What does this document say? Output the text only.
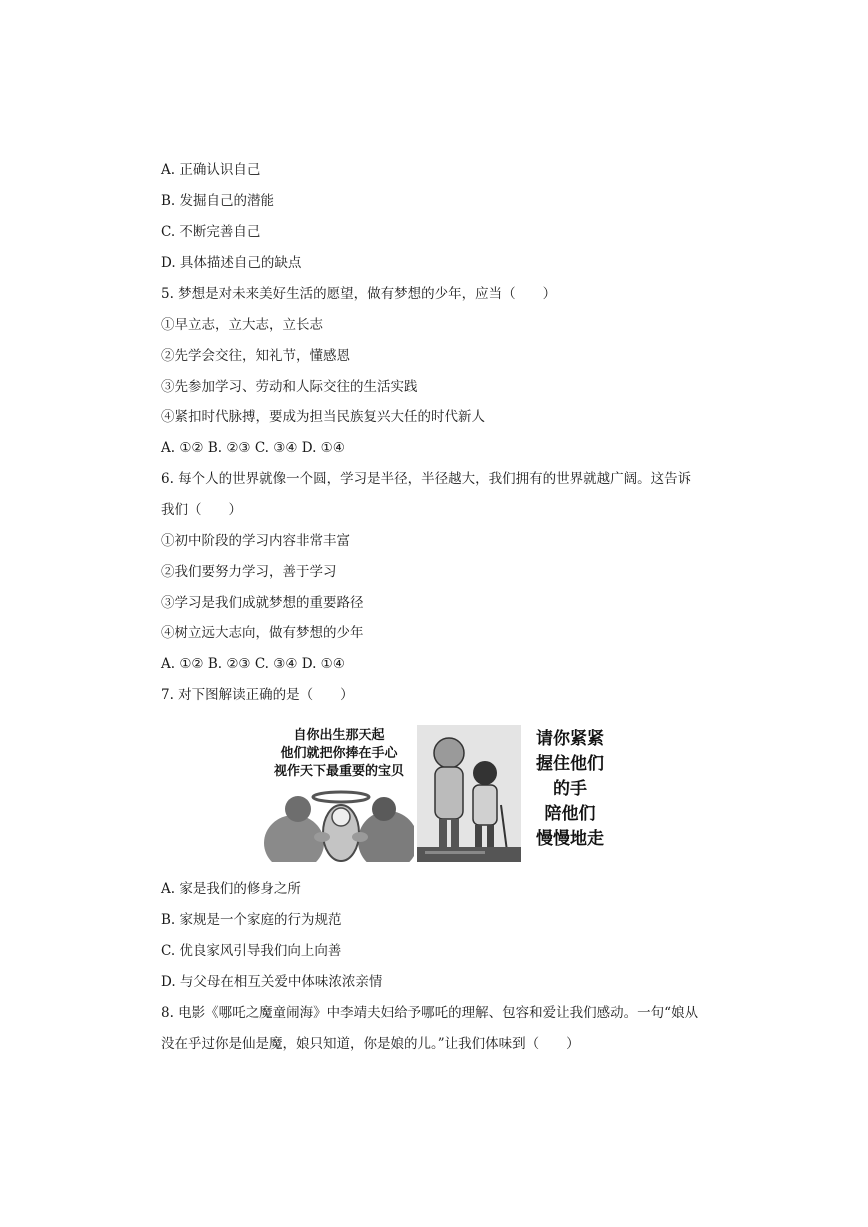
A. 正确认识自己
B. 发掘自己的潜能
C. 不断完善自己
D. 具体描述自己的缺点
5. 梦想是对未来美好生活的愿望，做有梦想的少年，应当（　　）
①早立志，立大志，立长志
②先学会交往，知礼节，懂感恩
③先参加学习、劳动和人际交往的生活实践
④紧扣时代脉搏，要成为担当民族复兴大任的时代新人
A. ①② B. ②③ C. ③④ D. ①④
6. 每个人的世界就像一个圆，学习是半径，半径越大，我们拥有的世界就越广阔。这告诉
我们（　　）
①初中阶段的学习内容非常丰富
②我们要努力学习，善于学习
③学习是我们成就梦想的重要路径
④树立远大志向，做有梦想的少年
A. ①② B. ②③ C. ③④ D. ①④
7. 对下图解读正确的是（　　）
自你出生那天起
他们就把你捧在手心
视作天下最重要的宝贝
请你紧紧
握住他们
的手
陪他们
慢慢地走
A. 家是我们的修身之所
B. 家规是一个家庭的行为规范
C. 优良家风引导我们向上向善
D. 与父母在相互关爱中体味浓浓亲情
8. 电影《哪吒之魔童闹海》中李靖夫妇给予哪吒的理解、包容和爱让我们感动。一句“娘从
没在乎过你是仙是魔，娘只知道，你是娘的儿。”让我们体味到（　　）
